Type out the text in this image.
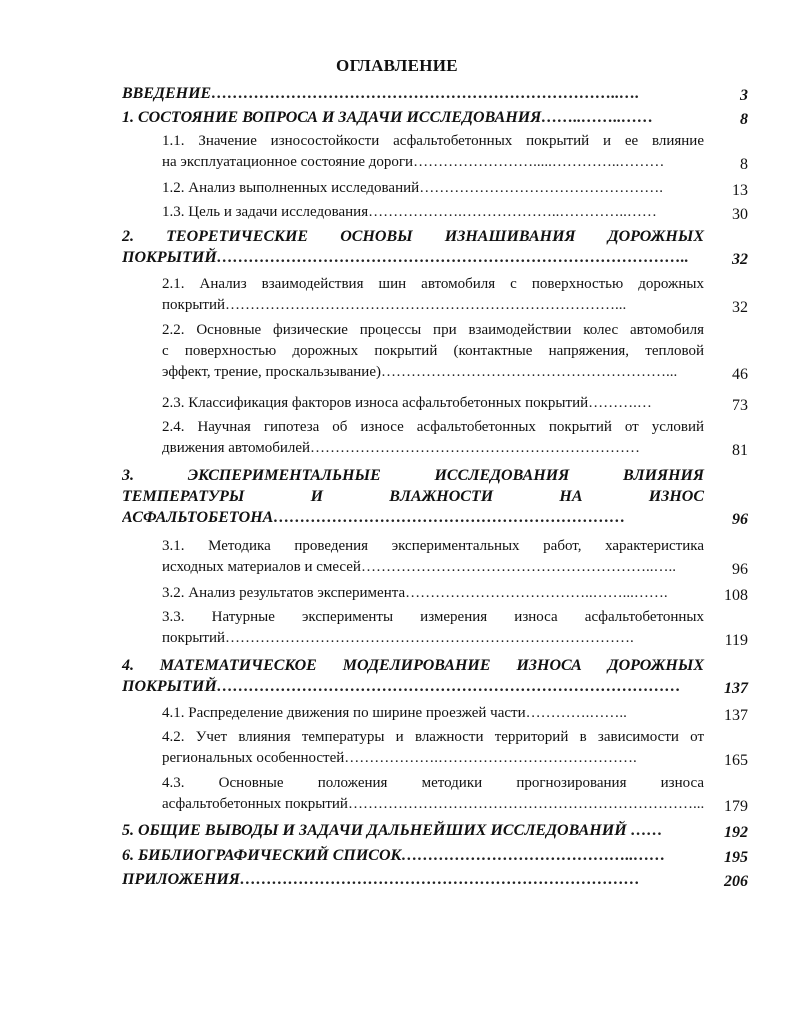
ОГЛАВЛЕНИЕ
ВВЕДЕНИЕ…………………………………………………………………..….	3
1. СОСТОЯНИЕ ВОПРОСА И ЗАДАЧИ ИССЛЕДОВАНИЯ……..……..……	8
1.1. Значение износостойкости асфальтобетонных покрытий и ее влияние
на эксплуатационное состояние дороги…………………….....…………..………	8
1.2. Анализ выполненных исследований………………………………………….	13
1.3. Цель и задачи исследования……………….………………..…………..……	30
2. ТЕОРЕТИЧЕСКИЕ ОСНОВЫ ИЗНАШИВАНИЯ ДОРОЖНЫХ
ПОКРЫТИЙ……………………………………………………………………………..	32
2.1. Анализ взаимодействия шин автомобиля с поверхностью дорожных
покрытий……………………………………………………………………...	32
2.2. Основные физические процессы при взаимодействии колес автомобиля
с поверхностью дорожных покрытий (контактные напряжения, тепловой
эффект, трение, проскальзывание)…………………………………………………...	46
2.3. Классификация факторов износа асфальтобетонных покрытий……….…	73
2.4. Научная гипотеза об износе асфальтобетонных покрытий от условий
движения автомобилей…………………………………………………………	81
3. ЭКСПЕРИМЕНТАЛЬНЫЕ ИССЛЕДОВАНИЯ ВЛИЯНИЯ
ТЕМПЕРАТУРЫ И ВЛАЖНОСТИ НА ИЗНОС
АСФАЛЬТОБЕТОНА…………………………………………………………	96
3.1. Методика проведения экспериментальных работ, характеристика
исходных материалов и смесей…………………………………………………..…..	96
3.2. Анализ результатов эксперимента………………………………..……...…….	108
3.3. Натурные эксперименты измерения износа асфальтобетонных
покрытий……………………………………………………………………….	119
4. МАТЕМАТИЧЕСКОЕ МОДЕЛИРОВАНИЕ ИЗНОСА ДОРОЖНЫХ
ПОКРЫТИЙ……………………………………………………………………………	137
4.1. Распределение движения по ширине проезжей части………….……..	137
4.2. Учет влияния температуры и влажности территорий в зависимости от
региональных особенностей……………….………………………………….	165
4.3. Основные положения методики прогнозирования износа
асфальтобетонных покрытий……………………………………………………………...	179
5. ОБЩИЕ ВЫВОДЫ И ЗАДАЧИ ДАЛЬНЕЙШИХ ИССЛЕДОВАНИЙ ……	192
6. БИБЛИОГРАФИЧЕСКИЙ СПИСОК……………………………………..……	195
ПРИЛОЖЕНИЯ…………………………………………………………………	206
